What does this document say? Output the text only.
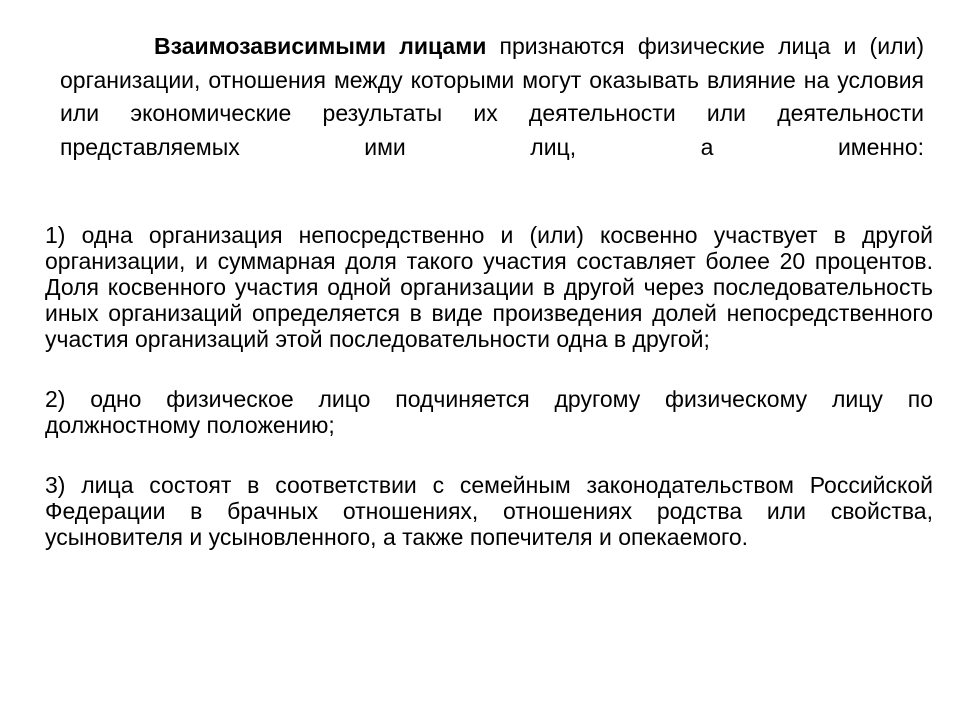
Взаимозависимыми лицами признаются физические лица и (или) организации, отношения между которыми могут оказывать влияние на условия или экономические результаты их деятельности или деятельности представляемых ими лиц, а именно:

1) одна организация непосредственно и (или) косвенно участвует в другой организации, и суммарная доля такого участия составляет более 20 процентов. Доля косвенного участия одной организации в другой через последовательность иных организаций определяется в виде произведения долей непосредственного участия организаций этой последовательности одна в другой;

2) одно физическое лицо подчиняется другому физическому лицу по должностному положению;

3) лица состоят в соответствии с семейным законодательством Российской Федерации в брачных отношениях, отношениях родства или свойства, усыновителя и усыновленного, а также попечителя и опекаемого.
